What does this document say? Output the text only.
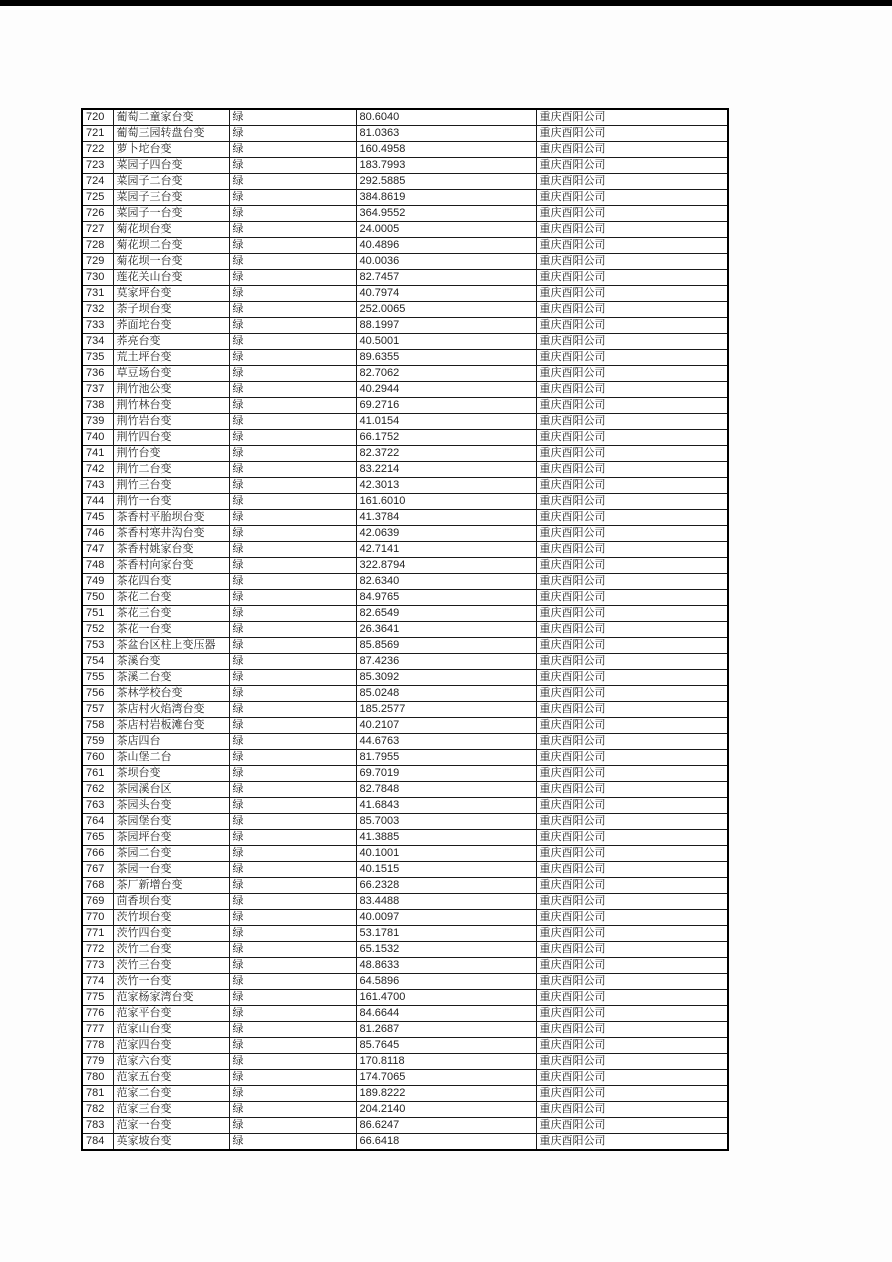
720	葡萄二童家台变	绿	80.6040	重庆酉阳公司
721	葡萄三园转盘台变	绿	81.0363	重庆酉阳公司
722	萝卜坨台变	绿	160.4958	重庆酉阳公司
723	菜园子四台变	绿	183.7993	重庆酉阳公司
724	菜园子二台变	绿	292.5885	重庆酉阳公司
725	菜园子三台变	绿	384.8619	重庆酉阳公司
726	菜园子一台变	绿	364.9552	重庆酉阳公司
727	菊花坝台变	绿	24.0005	重庆酉阳公司
728	菊花坝二台变	绿	40.4896	重庆酉阳公司
729	菊花坝一台变	绿	40.0036	重庆酉阳公司
730	莲花关山台变	绿	82.7457	重庆酉阳公司
731	莫家坪台变	绿	40.7974	重庆酉阳公司
732	荼子坝台变	绿	252.0065	重庆酉阳公司
733	荞面坨台变	绿	88.1997	重庆酉阳公司
734	荞亮台变	绿	40.5001	重庆酉阳公司
735	荒土坪台变	绿	89.6355	重庆酉阳公司
736	草豆场台变	绿	82.7062	重庆酉阳公司
737	荆竹池公变	绿	40.2944	重庆酉阳公司
738	荆竹林台变	绿	69.2716	重庆酉阳公司
739	荆竹岩台变	绿	41.0154	重庆酉阳公司
740	荆竹四台变	绿	66.1752	重庆酉阳公司
741	荆竹台变	绿	82.3722	重庆酉阳公司
742	荆竹二台变	绿	83.2214	重庆酉阳公司
743	荆竹三台变	绿	42.3013	重庆酉阳公司
744	荆竹一台变	绿	161.6010	重庆酉阳公司
745	茶香村平胎坝台变	绿	41.3784	重庆酉阳公司
746	茶香村寒井沟台变	绿	42.0639	重庆酉阳公司
747	茶香村姚家台变	绿	42.7141	重庆酉阳公司
748	茶香村向家台变	绿	322.8794	重庆酉阳公司
749	茶花四台变	绿	82.6340	重庆酉阳公司
750	茶花二台变	绿	84.9765	重庆酉阳公司
751	茶花三台变	绿	82.6549	重庆酉阳公司
752	茶花一台变	绿	26.3641	重庆酉阳公司
753	茶盆台区柱上变压器	绿	85.8569	重庆酉阳公司
754	茶溪台变	绿	87.4236	重庆酉阳公司
755	茶溪二台变	绿	85.3092	重庆酉阳公司
756	茶林学校台变	绿	85.0248	重庆酉阳公司
757	茶店村火焰湾台变	绿	185.2577	重庆酉阳公司
758	茶店村岩板滩台变	绿	40.2107	重庆酉阳公司
759	茶店四台	绿	44.6763	重庆酉阳公司
760	茶山堡二台	绿	81.7955	重庆酉阳公司
761	茶坝台变	绿	69.7019	重庆酉阳公司
762	茶园溪台区	绿	82.7848	重庆酉阳公司
763	茶园头台变	绿	41.6843	重庆酉阳公司
764	茶园堡台变	绿	85.7003	重庆酉阳公司
765	茶园坪台变	绿	41.3885	重庆酉阳公司
766	茶园二台变	绿	40.1001	重庆酉阳公司
767	茶园一台变	绿	40.1515	重庆酉阳公司
768	茶厂新增台变	绿	66.2328	重庆酉阳公司
769	茴香坝台变	绿	83.4488	重庆酉阳公司
770	茨竹坝台变	绿	40.0097	重庆酉阳公司
771	茨竹四台变	绿	53.1781	重庆酉阳公司
772	茨竹二台变	绿	65.1532	重庆酉阳公司
773	茨竹三台变	绿	48.8633	重庆酉阳公司
774	茨竹一台变	绿	64.5896	重庆酉阳公司
775	范家杨家湾台变	绿	161.4700	重庆酉阳公司
776	范家平台变	绿	84.6644	重庆酉阳公司
777	范家山台变	绿	81.2687	重庆酉阳公司
778	范家四台变	绿	85.7645	重庆酉阳公司
779	范家六台变	绿	170.8118	重庆酉阳公司
780	范家五台变	绿	174.7065	重庆酉阳公司
781	范家二台变	绿	189.8222	重庆酉阳公司
782	范家三台变	绿	204.2140	重庆酉阳公司
783	范家一台变	绿	86.6247	重庆酉阳公司
784	英家坡台变	绿	66.6418	重庆酉阳公司
